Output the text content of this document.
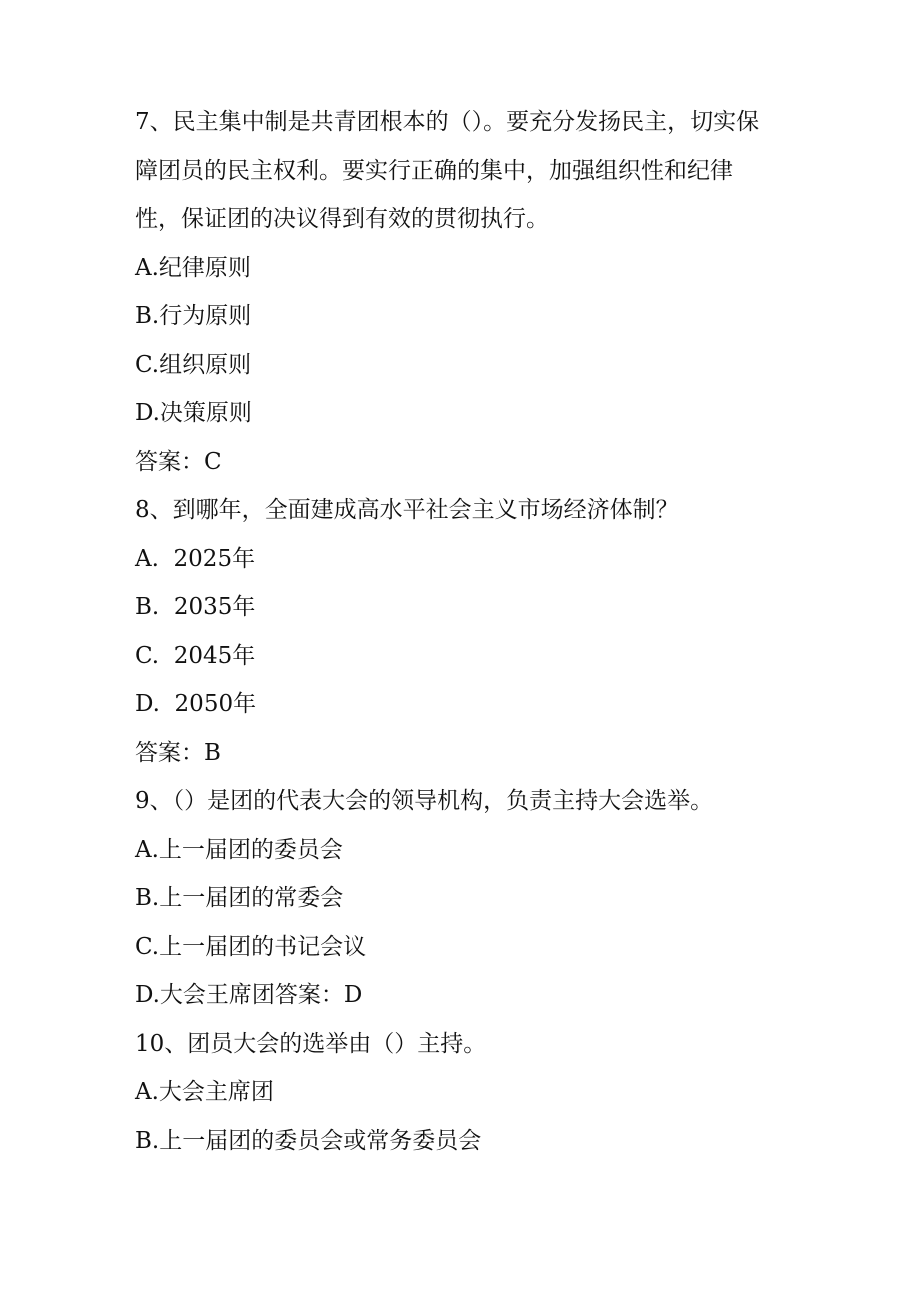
7、民主集中制是共青团根本的（）。要充分发扬民主，切实保

障团员的民主权利。要实行正确的集中，加强组织性和纪律

性，保证团的决议得到有效的贯彻执行。

A.纪律原则

B.行为原则

C.组织原则

D.决策原则

答案：C

8、到哪年，全面建成高水平社会主义市场经济体制？

A.  2025年

B.  2035年

C.  2045年

D.  2050年

答案：B

9、（）是团的代表大会的领导机构，负责主持大会选举。

A.上一届团的委员会

B.上一届团的常委会

C.上一届团的书记会议

D.大会王席团答案：D

10、团员大会的选举由（）主持。

A.大会主席团

B.上一届团的委员会或常务委员会
